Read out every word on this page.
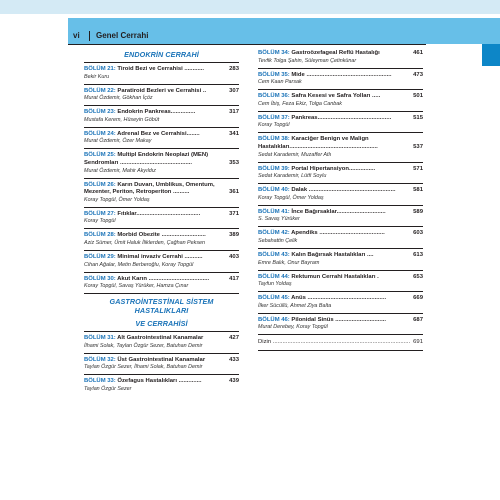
vi Genel Cerrahi
ENDOKRİN CERRAHİ
BÖLÜM 21: Tiroid Bezi ve Cerrahisi ............	283
Bekir Kuru
BÖLÜM 22: Paratiroid Bezleri ve Cerrahisi ..	307
Murat Özdemir, Gökhan İçöz
BÖLÜM 23: Endokrin Pankreas...............	317
Mustafa Kerem, Hüseyin Göbüt
BÖLÜM 24: Adrenal Bez ve Cerrahisi........	341
Murat Özdemir, Özer Makay
BÖLÜM 25: Multipl Endokrin Neoplazi (MEN)
Sendromları ............................................	353
Murat Özdemir, Mahir Akyıldız
BÖLÜM 26: Karın Duvarı, Umblikus, Omentum,
Mezenter, Periton, Retroperiton ..........	361
Koray Topgül, Ömer Yoldaş
BÖLÜM 27: Fıtıklar.......................................	371
Koray Topgül
BÖLÜM 28: Morbid Obezite ...........................	389
Aziz Sümer, Ümit Haluk İliklerden, Çağhan Peksen
BÖLÜM 29: Minimal invaziv Cerrahi ...........	403
Cihan Ağalar, Metin Berberoğlu, Koray Topgül
BÖLÜM 30: Akut Karın .....................................	417
Koray Topgül, Savaş Yürüker, Hamza Çınar
GASTROİNTESTİNAL SİSTEM HASTALIKLARI
VE CERRAHİSİ
BÖLÜM 31: Alt Gastrointestinal Kanamalar	427
İlhami Solak, Taylan Özgür Sezer, Batuhan Demir
BÖLÜM 32: Üst Gastrointestinal Kanamalar	433
Taylan Özgür Sezer, İlhami Solak, Batuhan Demir
BÖLÜM 33: Özefagus Hastalıkları ..............	439
Taylan Özgür Sezer
BÖLÜM 34: Gastroözefageal Reflü Hastalığı	461
Tevfik Tolga Şahin, Süleyman Çetinkünar
BÖLÜM 35: Mide ....................................................	473
Cem Kaan Parsak
BÖLÜM 36: Safra Kesesi ve Safra Yolları .....	501
Cem İbiş, Feza Ekiz, Tolga Canbak
BÖLÜM 37: Pankreas.............................................	515
Koray Topgül
BÖLÜM 38: Karaciğer Benign ve Malign
Hastalıkları......................................................	537
Sedat Karademir, Muzaffer Atlı
BÖLÜM 39: Portal Hipertansiyon................	571
Sedat Karademir, Lütfi Soylu
BÖLÜM 40: Dalak .....................................................	581
Koray Topgül, Ömer Yoldaş
BÖLÜM 41: İnce Bağırsaklar..............................	589
S. Savaş Yürüker
BÖLÜM 42: Apendiks ........................................	603
Sebahattin Çelik
BÖLÜM 43: Kalın Bağırsak Hastalıkları ....	613
Emre Balık, Onur Bayram
BÖLÜM 44: Rektumun Cerrahi Hastalıkları .	653
Tayfun Yoldaş
BÖLÜM 45: Anüs ................................................	669
İlker Sücüllü, Ahmet Ziya Balta
BÖLÜM 46: Pilonidal Sinüs ...............................	687
Murat Derebey, Koray Topgül
Dizin .................................................................................... 691
